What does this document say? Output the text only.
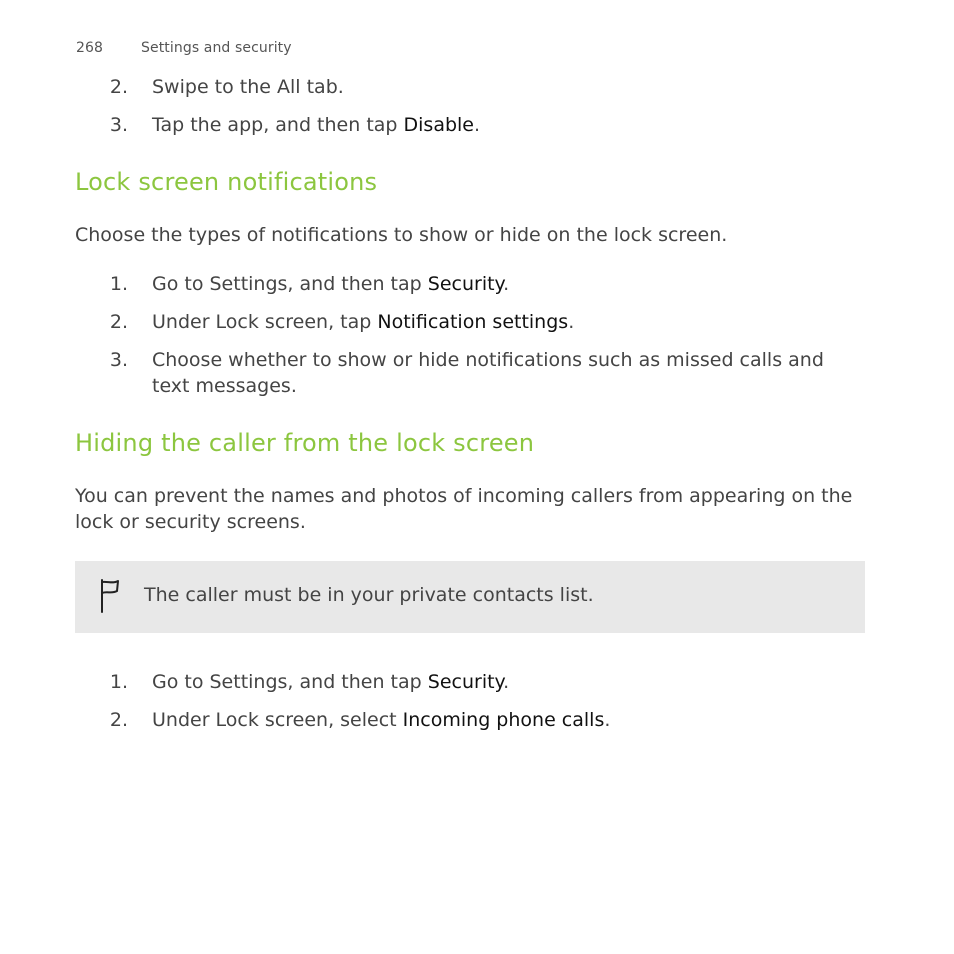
268	Settings and security
2. Swipe to the All tab.
3. Tap the app, and then tap Disable.
Lock screen notifications

Choose the types of notifications to show or hide on the lock screen.

1. Go to Settings, and then tap Security.
2. Under Lock screen, tap Notification settings.
3. Choose whether to show or hide notifications such as missed calls and text messages.
Hiding the caller from the lock screen

You can prevent the names and photos of incoming callers from appearing on the lock or security screens.

The caller must be in your private contacts list.
1. Go to Settings, and then tap Security.
2. Under Lock screen, select Incoming phone calls.
